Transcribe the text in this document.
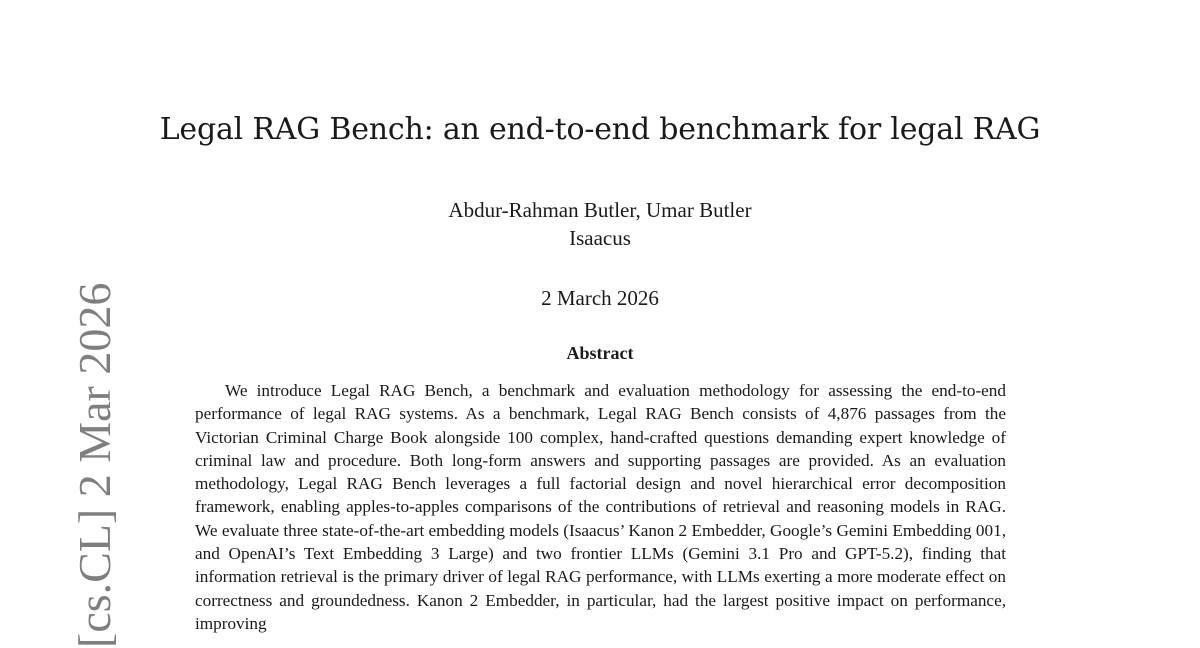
[cs.CL] 2 Mar 2026
Legal RAG Bench: an end-to-end benchmark for legal RAG
Abdur-Rahman Butler, Umar Butler
Isaacus
2 March 2026
Abstract

We introduce Legal RAG Bench, a benchmark and evaluation methodology for assessing the end-to-end performance of legal RAG systems. As a benchmark, Legal RAG Bench consists of 4,876 passages from the Victorian Criminal Charge Book alongside 100 complex, hand-crafted questions demanding expert knowledge of criminal law and procedure. Both long-form answers and supporting passages are provided. As an evaluation methodology, Legal RAG Bench leverages a full factorial design and novel hierarchical error decomposition framework, enabling apples-to-apples comparisons of the contributions of retrieval and reasoning models in RAG. We evaluate three state-of-the-art embedding models (Isaacus’ Kanon 2 Embedder, Google’s Gemini Embedding 001, and OpenAI’s Text Embedding 3 Large) and two frontier LLMs (Gemini 3.1 Pro and GPT-5.2), finding that information retrieval is the primary driver of legal RAG performance, with LLMs exerting a more moderate effect on correctness and groundedness. Kanon 2 Embedder, in particular, had the largest positive impact on performance, improving
